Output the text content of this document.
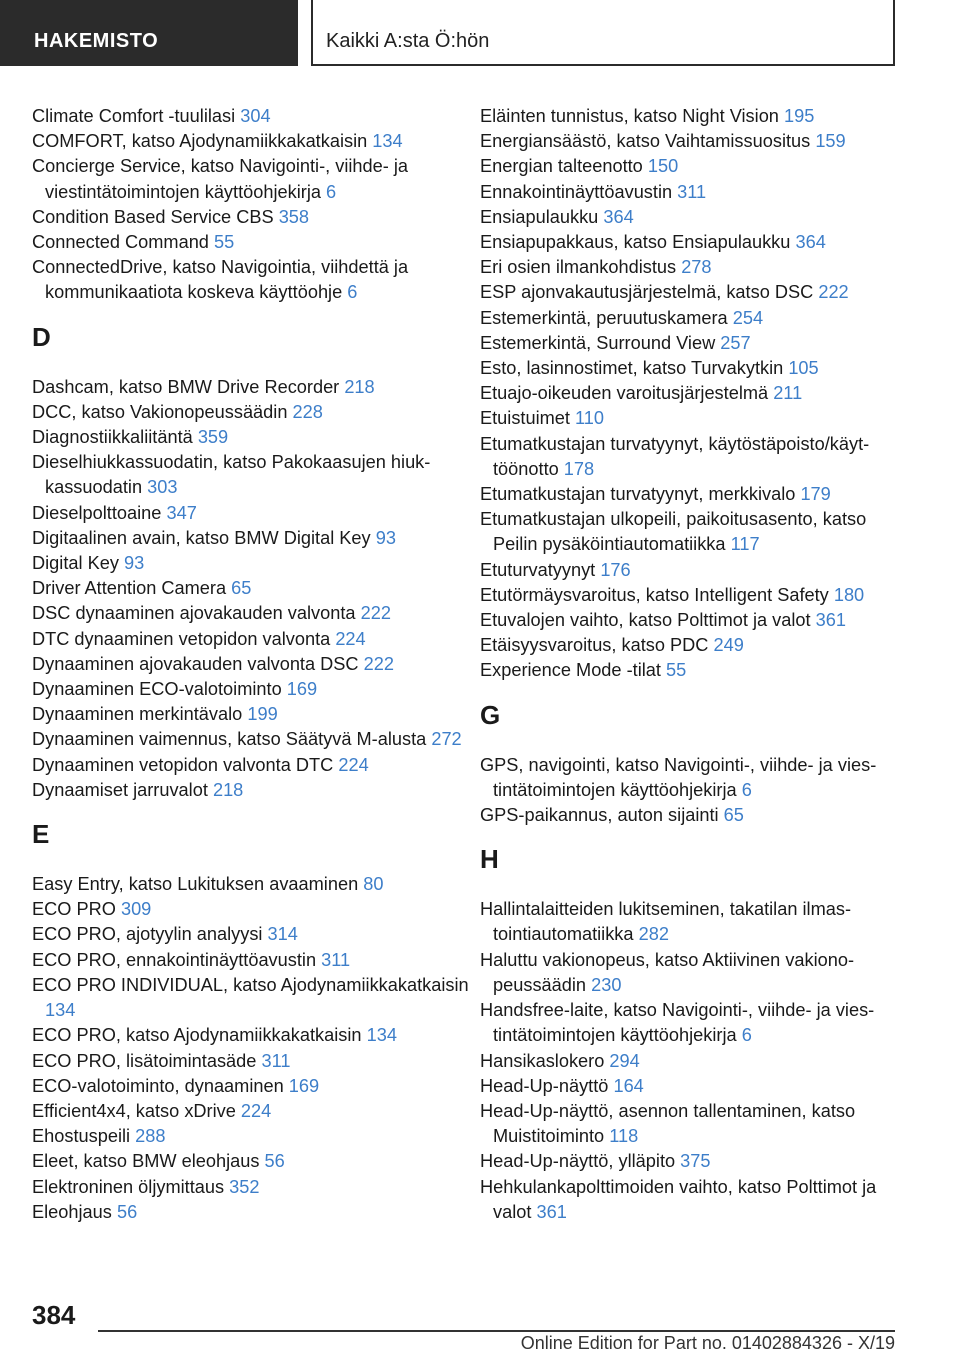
HAKEMISTO	Kaikki A:sta Ö:hön
Climate Comfort -tuulilasi 304
COMFORT, katso Ajodynamiikkakatkaisin 134
Concierge Service, katso Navigointi-, viihde- ja viestintätoimintojen käyttöohjekirja 6
Condition Based Service CBS 358
Connected Command 55
ConnectedDrive, katso Navigointia, viihdettä ja kommunikaatiota koskeva käyttöohje 6
D
Dashcam, katso BMW Drive Recorder 218
DCC, katso Vakionopeussäädin 228
Diagnostiikkaliitäntä 359
Dieselhiukkassuodatin, katso Pakokaasujen hiukkassuodatin 303
Dieselpolttoaine 347
Digitaalinen avain, katso BMW Digital Key 93
Digital Key 93
Driver Attention Camera 65
DSC dynaaminen ajovakauden valvonta 222
DTC dynaaminen vetopidon valvonta 224
Dynaaminen ajovakauden valvonta DSC 222
Dynaaminen ECO-valotoiminto 169
Dynaaminen merkintävalo 199
Dynaaminen vaimennus, katso Säätyvä M-alusta 272
Dynaaminen vetopidon valvonta DTC 224
Dynaamiset jarruvalot 218
E
Easy Entry, katso Lukituksen avaaminen 80
ECO PRO 309
ECO PRO, ajotyylin analyysi 314
ECO PRO, ennakointinäyttöavustin 311
ECO PRO INDIVIDUAL, katso Ajodynamiikkakatkaisin 134
ECO PRO, katso Ajodynamiikkakatkaisin 134
ECO PRO, lisätoimintasäde 311
ECO-valotoiminto, dynaaminen 169
Efficient4x4, katso xDrive 224
Ehostuspeili 288
Eleet, katso BMW eleohjaus 56
Elektroninen öljymittaus 352
Eleohjaus 56
Eläinten tunnistus, katso Night Vision 195
Energiansäästö, katso Vaihtamissuositus 159
Energian talteenotto 150
Ennakointinäyttöavustin 311
Ensiapulaukku 364
Ensiapupakkaus, katso Ensiapulaukku 364
Eri osien ilmankohdistus 278
ESP ajonvakautusjärjestelmä, katso DSC 222
Estemerkintä, peruutuskamera 254
Estemerkintä, Surround View 257
Esto, lasinnostimet, katso Turvakytkin 105
Etuajo-oikeuden varoitusjärjestelmä 211
Etuistuimet 110
Etumatkustajan turvatyynyt, käytöstäpoisto/käyttöönotto 178
Etumatkustajan turvatyynyt, merkkivalo 179
Etumatkustajan ulkopeili, paikoitusasento, katso Peilin pysäköintiautomatiikka 117
Etuturvatyynyt 176
Etutörmäysvaroitus, katso Intelligent Safety 180
Etuvalojen vaihto, katso Polttimot ja valot 361
Etäisyysvaroitus, katso PDC 249
Experience Mode -tilat 55
G
GPS, navigointi, katso Navigointi-, viihde- ja viestintätoimintojen käyttöohjekirja 6
GPS-paikannus, auton sijainti 65
H
Hallintalaitteiden lukitseminen, takatilan ilmastointiautomatiikka 282
Haluttu vakionopeus, katso Aktiivinen vakionopeussäädin 230
Handsfree-laite, katso Navigointi-, viihde- ja viestintätoimintojen käyttöohjekirja 6
Hansikaslokero 294
Head-Up-näyttö 164
Head-Up-näyttö, asennon tallentaminen, katso Muistitoiminto 118
Head-Up-näyttö, ylläpito 375
Hehkulankapolttimoiden vaihto, katso Polttimot ja valot 361
384
Online Edition for Part no. 01402884326 - X/19
